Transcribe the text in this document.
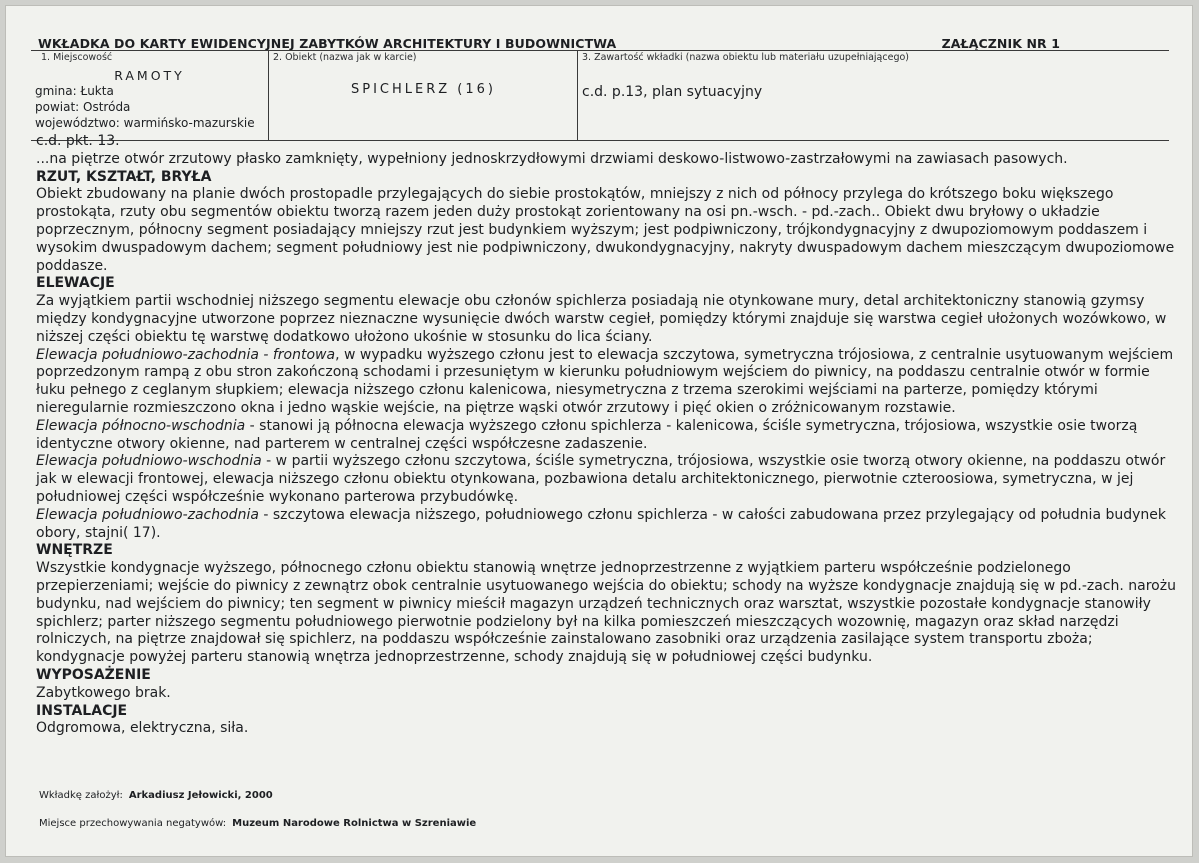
WKŁADKA DO KARTY EWIDENCYJNEJ ZABYTKÓW ARCHITEKTURY I BUDOWNICTWA	ZAŁĄCZNIK NR 1
1. Miejscowość
RAMOTY
gmina: Łukta
powiat: Ostróda
województwo: warmińsko-mazurskie
2. Obiekt (nazwa jak w karcie)
SPICHLERZ (16)
3. Zawartość wkładki (nazwa obiektu lub materiału uzupełniającego)
c.d. p.13, plan sytuacyjny

c.d. pkt. 13.

...na piętrze otwór zrzutowy płasko zamknięty, wypełniony jednoskrzydłowymi drzwiami deskowo-listwowo-zastrzałowymi na zawiasach pasowych.

RZUT, KSZTAŁT, BRYŁA

Obiekt zbudowany na planie dwóch prostopadle przylegających do siebie prostokątów, mniejszy z nich od północy przylega do krótszego boku większego prostokąta, rzuty obu segmentów obiektu tworzą razem jeden duży prostokąt zorientowany na osi pn.-wsch. - pd.-zach.. Obiekt dwu bryłowy o układzie poprzecznym, północny segment posiadający mniejszy rzut jest budynkiem wyższym; jest podpiwniczony, trójkondygnacyjny z dwupoziomowym poddaszem i wysokim dwuspadowym dachem; segment południowy jest nie podpiwniczony, dwukondygnacyjny, nakryty dwuspadowym dachem mieszczącym dwupoziomowe poddasze.

ELEWACJE

Za wyjątkiem partii wschodniej niższego segmentu elewacje obu członów spichlerza posiadają nie otynkowane mury, detal architektoniczny stanowią gzymsy między kondygnacyjne utworzone poprzez nieznaczne wysunięcie dwóch warstw cegieł, pomiędzy którymi znajduje się warstwa cegieł ułożonych wozówkowo, w niższej części obiektu tę warstwę dodatkowo ułożono ukośnie w stosunku do lica ściany.

Elewacja południowo-zachodnia - frontowa, w wypadku wyższego członu jest to elewacja szczytowa, symetryczna trójosiowa, z centralnie usytuowanym wejściem poprzedzonym rampą z obu stron zakończoną schodami i przesuniętym w kierunku południowym wejściem do piwnicy, na poddaszu centralnie otwór w formie łuku pełnego z ceglanym słupkiem; elewacja niższego członu kalenicowa, niesymetryczna z trzema szerokimi wejściami na parterze, pomiędzy którymi nieregularnie rozmieszczono okna i jedno wąskie wejście, na piętrze wąski otwór zrzutowy i pięć okien o zróżnicowanym rozstawie.

Elewacja północno-wschodnia - stanowi ją północna elewacja wyższego członu spichlerza - kalenicowa, ściśle symetryczna, trójosiowa, wszystkie osie tworzą identyczne otwory okienne, nad parterem w centralnej części współczesne zadaszenie.

Elewacja południowo-wschodnia - w partii wyższego członu szczytowa, ściśle symetryczna, trójosiowa, wszystkie osie tworzą otwory okienne, na poddaszu otwór jak w elewacji frontowej, elewacja niższego członu obiektu otynkowana, pozbawiona detalu architektonicznego, pierwotnie czteroosiowa, symetryczna, w jej południowej części współcześnie wykonano parterowa przybudówkę.

Elewacja południowo-zachodnia - szczytowa elewacja niższego, południowego członu spichlerza - w całości zabudowana przez przylegający od południa budynek obory, stajni( 17).

WNĘTRZE

Wszystkie kondygnacje wyższego, północnego członu obiektu stanowią wnętrze jednoprzestrzenne z wyjątkiem parteru współcześnie podzielonego przepierzeniami; wejście do piwnicy z zewnątrz obok centralnie usytuowanego wejścia do obiektu; schody na wyższe kondygnacje znajdują się w pd.-zach. narożu budynku, nad wejściem do piwnicy; ten segment w piwnicy mieścił magazyn urządzeń technicznych oraz warsztat, wszystkie pozostałe kondygnacje stanowiły spichlerz; parter niższego segmentu południowego pierwotnie podzielony był na kilka pomieszczeń mieszczących wozownię, magazyn oraz skład narzędzi rolniczych, na piętrze znajdował się spichlerz, na poddaszu współcześnie zainstalowano zasobniki oraz urządzenia zasilające system transportu zboża; kondygnacje powyżej parteru stanowią wnętrza jednoprzestrzenne, schody znajdują się w południowej części budynku.

WYPOSAŻENIE

Zabytkowego brak.

INSTALACJE

Odgromowa, elektryczna, siła.

Wkładkę założył: Arkadiusz Jełowicki, 2000
Miejsce przechowywania negatywów: Muzeum Narodowe Rolnictwa w Szreniawie
